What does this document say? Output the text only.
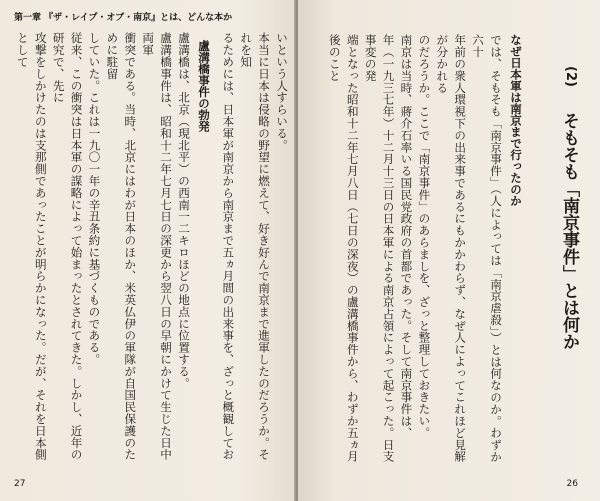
第一章 『ザ・レイプ・オブ・南京』とは、どんな本か
いという人すらいる。
本当に日本は侵略の野望に燃えて、好き好んで南京まで進軍したのだろうか。それを知
るためには、日本軍が南京から南京まで五ヵ月間の出来事を、ざっと概観してお
盧溝橋事件の勃発
盧溝橋は、北京（現北平）の西南一二キロほどの地点に位置する。
盧溝橋事件は、昭和十二年七月七日の深更から翌八日の早朝にかけて生じた日中両軍
衝突である。当時、北京にはわが日本のほか、米英仏伊の軍隊が自国民保護のために駐留
していた。これは一九〇一年の辛丑条約に基づくものである。
従来、この衝突は日本軍の謀略によって始まったとされてきた。しかし、近年の研究で、先に
攻撃をしかけたのは支那側であったことが明らかになった。だが、それを日本側として
27
(2)
そもそも「南京事件」とは何か
なぜ日本軍は南京まで行ったのか
では、そもそも「南京事件」（人によっては「南京虐殺」）とは何なのか。わずか六十
年前の衆人環視下の出来事であるにもかかわらず、なぜ人によってこれほど見解が分かれる
のだろうか。ここで「南京事件」のあらましを、ざっと整理しておきたい。
南京は当時、蔣介石率いる国民党政府の首都であった。そして南京事件は、
年（一九三七年）十二月十三日の日本軍による南京占領によって起こった。日支事変の発
端となった昭和十二年七月八日（七日の深夜）の盧溝橋事件から、わずか五ヵ月後のこと
26
